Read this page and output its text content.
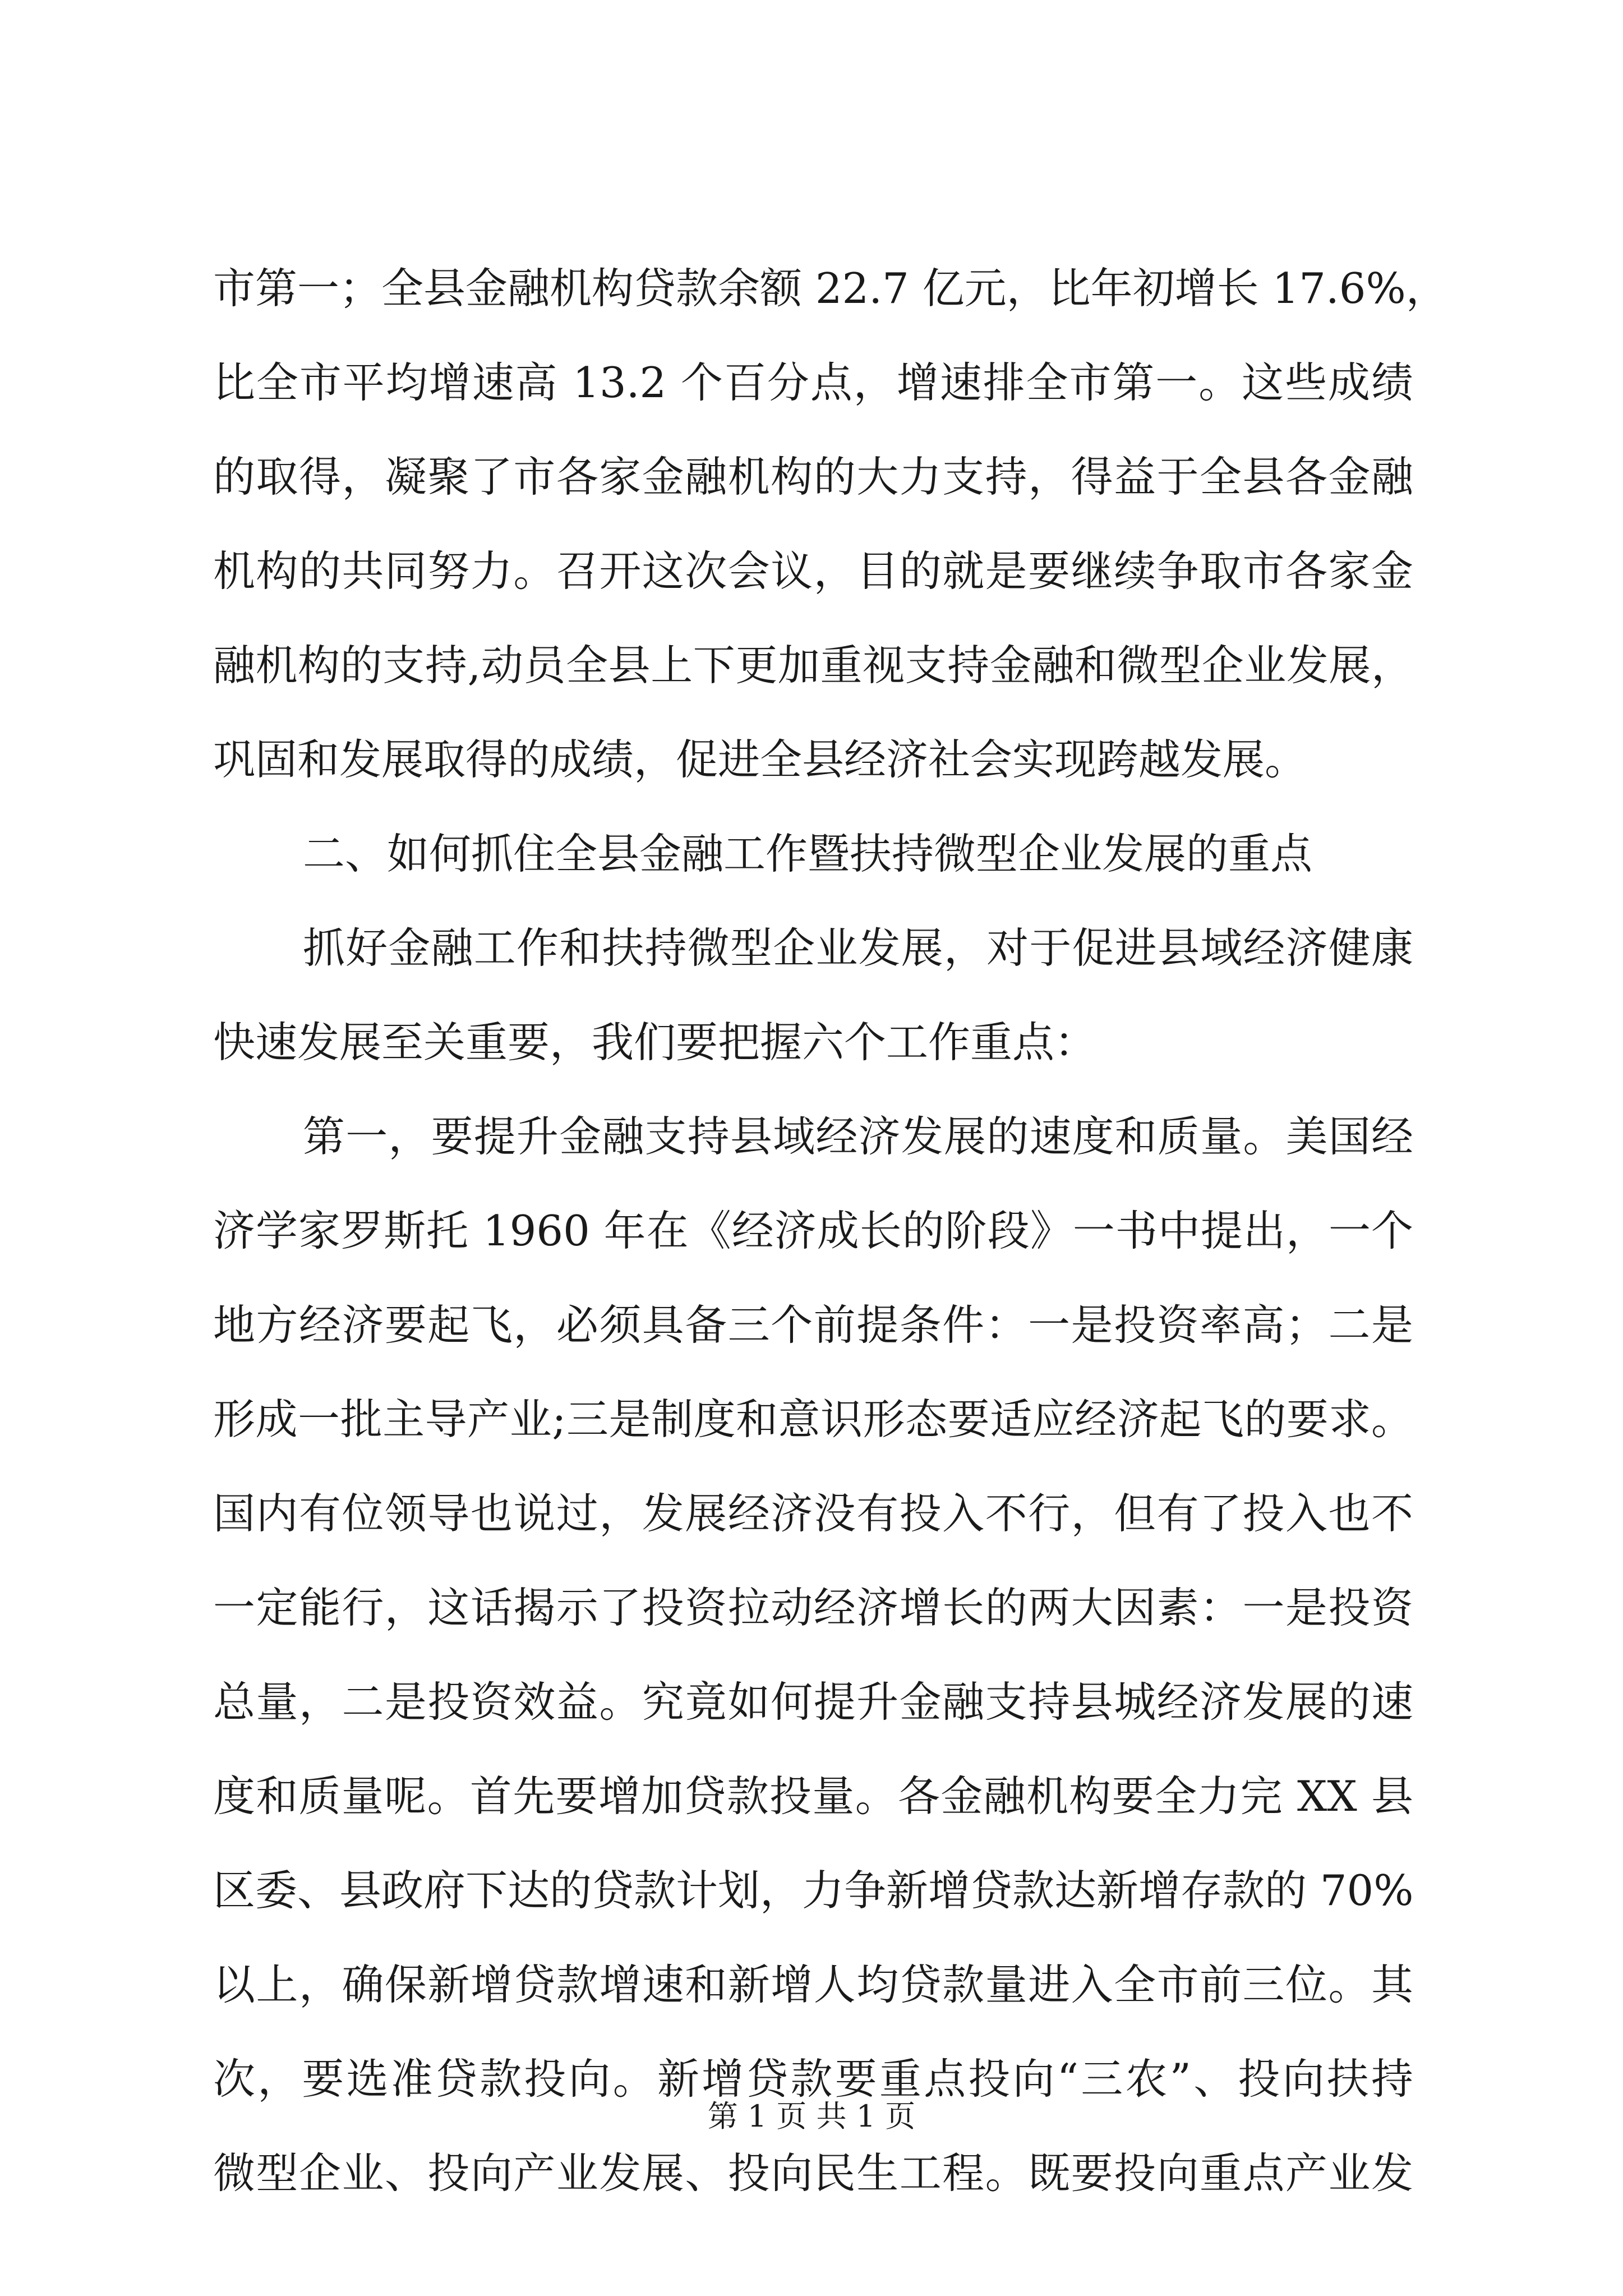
市第一；全县金融机构贷款余额 22.7 亿元，比年初增长 17.6%，
比全市平均增速高 13.2 个百分点，增速排全市第一。这些成绩
的取得，凝聚了市各家金融机构的大力支持，得益于全县各金融
机构的共同努力。召开这次会议，目的就是要继续争取市各家金
融机构的支持,动员全县上下更加重视支持金融和微型企业发展，
巩固和发展取得的成绩，促进全县经济社会实现跨越发展。
二、如何抓住全县金融工作暨扶持微型企业发展的重点
抓好金融工作和扶持微型企业发展，对于促进县域经济健康
快速发展至关重要，我们要把握六个工作重点：
第一，要提升金融支持县域经济发展的速度和质量。美国经
济学家罗斯托 1960 年在《经济成长的阶段》一书中提出，一个
地方经济要起飞，必须具备三个前提条件：一是投资率高；二是
形成一批主导产业;三是制度和意识形态要适应经济起飞的要求。
国内有位领导也说过，发展经济没有投入不行，但有了投入也不
一定能行，这话揭示了投资拉动经济增长的两大因素：一是投资
总量，二是投资效益。究竟如何提升金融支持县城经济发展的速
度和质量呢。首先要增加贷款投量。各金融机构要全力完 XX 县
区委、县政府下达的贷款计划，力争新增贷款达新增存款的 70%
以上，确保新增贷款增速和新增人均贷款量进入全市前三位。其
次，要选准贷款投向。新增贷款要重点投向“三农”、投向扶持
微型企业、投向产业发展、投向民生工程。既要投向重点产业发
第 1 页 共 1 页
